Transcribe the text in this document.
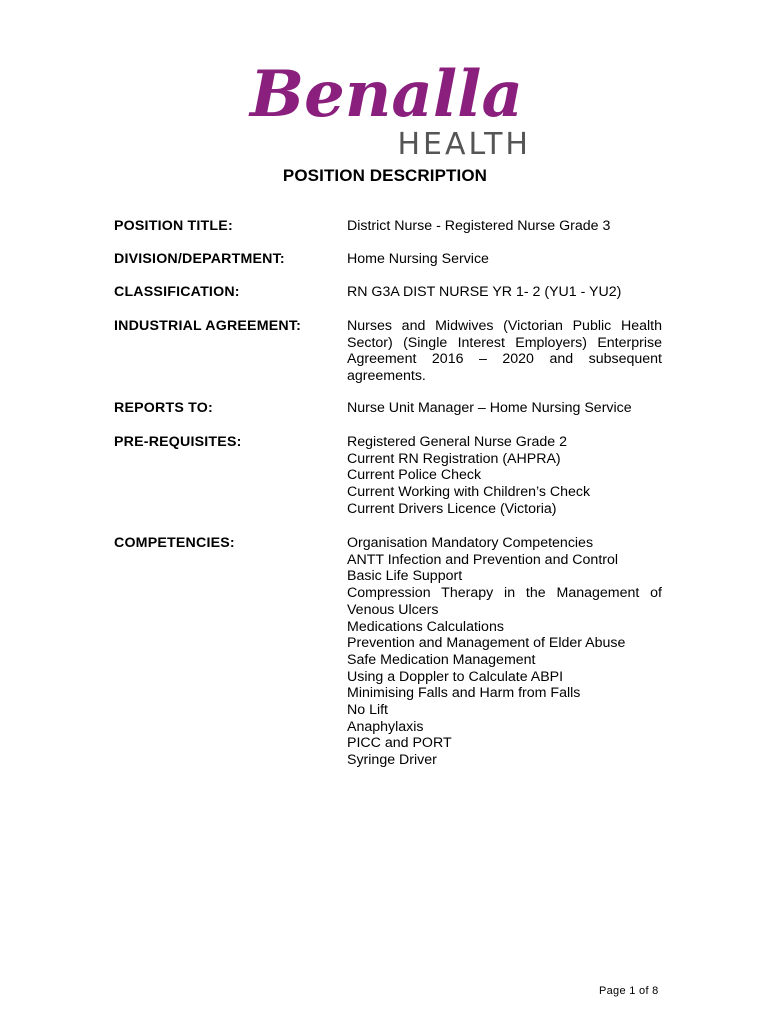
Benalla
HEALTH
POSITION DESCRIPTION
POSITION TITLE:	District Nurse - Registered Nurse Grade 3
DIVISION/DEPARTMENT:	Home Nursing Service
CLASSIFICATION:	RN G3A DIST NURSE YR 1- 2 (YU1 - YU2)
INDUSTRIAL AGREEMENT:	Nurses and Midwives (Victorian Public Health Sector) (Single Interest Employers) Enterprise Agreement 2016 – 2020 and subsequent agreements.
REPORTS TO:	Nurse Unit Manager – Home Nursing Service
PRE-REQUISITES:	Registered General Nurse Grade 2
Current RN Registration (AHPRA)
Current Police Check
Current Working with Children’s Check
Current Drivers Licence (Victoria)
COMPETENCIES:	Organisation Mandatory Competencies
ANTT Infection and Prevention and Control
Basic Life Support
Compression Therapy in the Management of Venous Ulcers
Medications Calculations
Prevention and Management of Elder Abuse
Safe Medication Management
Using a Doppler to Calculate ABPI
Minimising Falls and Harm from Falls
No Lift
Anaphylaxis
PICC and PORT
Syringe Driver
Page 1 of 8
